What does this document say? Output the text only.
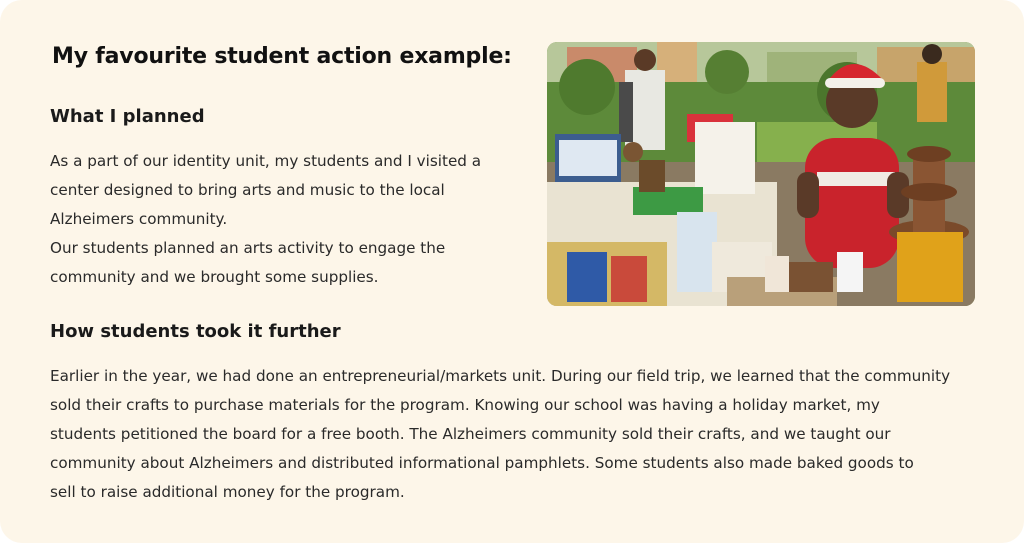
My favourite student action example:
What I planned
As a part of our identity unit, my students and I visited a
center designed to bring arts and music to the local
Alzheimers community.
Our students planned an arts activity to engage the
community and we brought some supplies.
How students took it further
Earlier in the year, we had done an entrepreneurial/markets unit. During our field trip, we learned that the community
sold their crafts to purchase materials for the program. Knowing our school was having a holiday market, my
students petitioned the board for a free booth. The Alzheimers community sold their crafts, and we taught our
community about Alzheimers and distributed informational pamphlets. Some students also made baked goods to
sell to raise additional money for the program.
